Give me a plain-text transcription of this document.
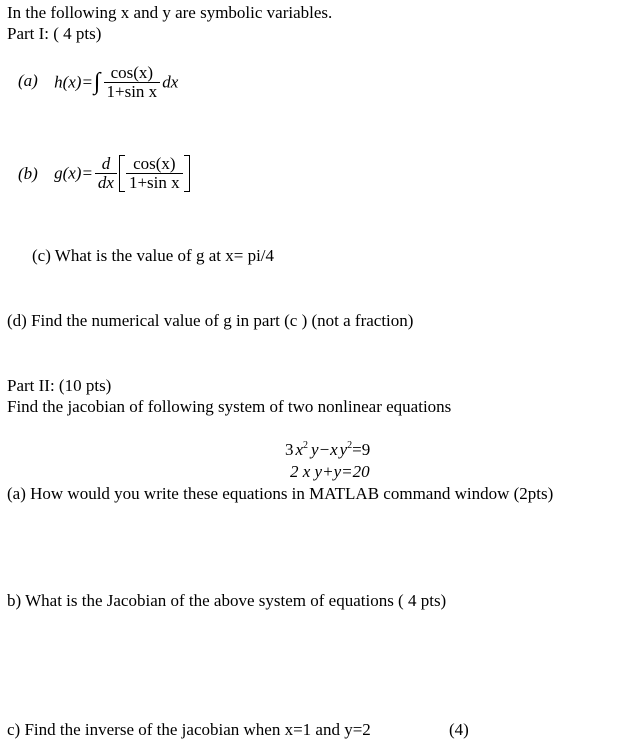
In the following x and y are symbolic variables.
Part I: ( 4 pts)
(a) $h(x)=\int \frac{\cos(x)}{\text{1+sin x}}$ dx
(b) $g(x)= \frac{d}{dx} \frac{\cos(x)}{\text{1+sin x}}$
(c) What is the value of g at x= pi/4
(d) Find the numerical value of g in part (c ) (not a fraction)
Part II: (10 pts)
Find the jacobian of following system of two nonlinear equations
3 $x^2$ y−x $y^2=9$
2 x y+y=20
(a) How would you write these equations in MATLAB command window (2pts)
b) What is the Jacobian of the above system of equations ( 4 pts)
c) Find the inverse of the jacobian when x=1 and y=2	(4)
